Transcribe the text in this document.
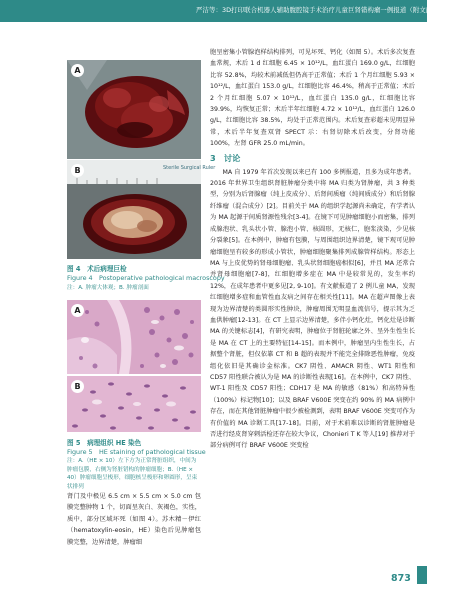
严洁等：3D打印联合机器人辅助腹腔镜手术治疗儿童巨肾错构瘤一例报道（附文献复习）
A
B	Sterile Surgical Ruler
图 4　术后病理巨检
Figure 4　Postoperative pathological macroscopy
注：A. 肿瘤大体观；B. 肿瘤剖面
A
B
图 5　病理组织 HE 染色
Figure 5　HE staining of pathological tissue
注：A.（HE × 10）左下方为正常肾脏组织，中间为肿瘤包膜，右侧为肾脏错构的肿瘤细胞；B.（HE × 40）肿瘤细胞呈梭形，细胞核呈梭形和卵圆形，呈束状排列

肾门及中极见 6.5 cm × 5.5 cm × 5.0 cm 包膜完整肿物 1 个，切面呈灰白、灰褐色，实性，质中，部分区域坏死（如图 4）。苏木精－伊红（hematoxylin-eosin，HE）染色后见肿瘤包膜完整，边界清楚，肿瘤细

胞呈密集小管腺泡样结构排列，可见坏死、钙化（如图 5）。术后多次复查血常规，术后 1 d 红细胞 6.45 × 10¹²/L，血红蛋白 169.0 g/L，红细胞比容 52.8%，均较术前减低但仍高于正常值；术后 1 个月红细胞 5.93 × 10¹²/L，血红蛋白 153.0 g/L，红细胞比容 46.4%，稍高于正常值；术后 2 个月红细胞 5.07 × 10¹²/L，血红蛋白 135.0 g/L，红细胞比容 39.9%，均恢复正常；术后半年红细胞 4.72 × 10¹²/L，血红蛋白 126.0 g/L，红细胞比容 38.5%，均处于正常范围内。术后复查彩超未见明显异常，术后半年复查双肾 SPECT 示：右肾切除术后改变，分肾功能 100%，左肾 GFR 25.0 mL/min。

3　讨论

MA 自 1979 年首次发现以来已有 100 多例报道，且多为成年患者。2016 年世界卫生组织肾脏肿瘤分类中将 MA 归类为肾肿瘤，共 3 种类型，分别为后肾腺瘤（纯上皮成分）、后肾间质瘤（纯间质成分）和后肾腺纤维瘤（混合成分）[2]。目前关于 MA 的组织学起源尚未确定，有学者认为 MA 起源于间质肾源性残余[3-4]。在镜下可见肿瘤细胞小而密集，排列成腺泡状、乳头状小管、腺泡小管、核圆形，无核仁，胞浆淡染，少见核分裂象[5]。在本例中，肿瘤有包膜，与周围组织边界清楚，镜下观可见肿瘤细胞呈有较多的形成小管状，肿瘤细胞聚集排列成腺管样结构。形态上 MA 与上皮优势的肾母细胞瘤、乳头状肾细胞癌相似[6]，并且 MA 还常合并肾母细胞瘤[7-8]，红细胞增多症在 MA 中是较常见的，发生率约 12%，在成年患者中更多见[2, 9-10]。有文献报道了 2 例儿童 MA，发现红细胞增多症和血管性血友病之间存在相关性[11]。MA 在超声图像上表现为边界清楚的类圆形实性肿块，肿瘤周围无明显血流信号，提示其为乏血供肿瘤[12-13]。在 CT 上显示边界清楚，多伴小钙化灶，钙化灶是诊断 MA 的关键标志[4]，有研究表明，肿瘤位于肾脏轮廓之外、呈外生性生长是 MA 在 CT 上的主要特征[14-15]。而本例中，肿瘤呈内生性生长，占据整个肾脏，但仅依靠 CT 和 B 超的表现并不能完全排除恶性肿瘤，免疫组化依旧是其确诊金标准。CK7 阴性、AMACR 阴性、WT1 阳性和 CD57 阳性联合被认为是 MA 的诊断性表现[16]。在本例中，CK7 阴性、WT-1 阳性及 CD57 阳性；CDH17 是 MA 的敏感（81%）和高特异性（100%）标记物[10]；以及 BRAF V600E 突变在约 90% 的 MA 病例中存在，而在其他肾脏肿瘤中很少被检测到，表明 BRAF V600E 突变可作为有价值的 MA 诊断工具[17-18]。目前，对于术前难以诊断的肾脏肿瘤是否进行经皮肾穿刺活检还存在较大争议，Chonieri T K 等人[19] 推荐对于部分病例可行 BRAF V600E 突变检

873
